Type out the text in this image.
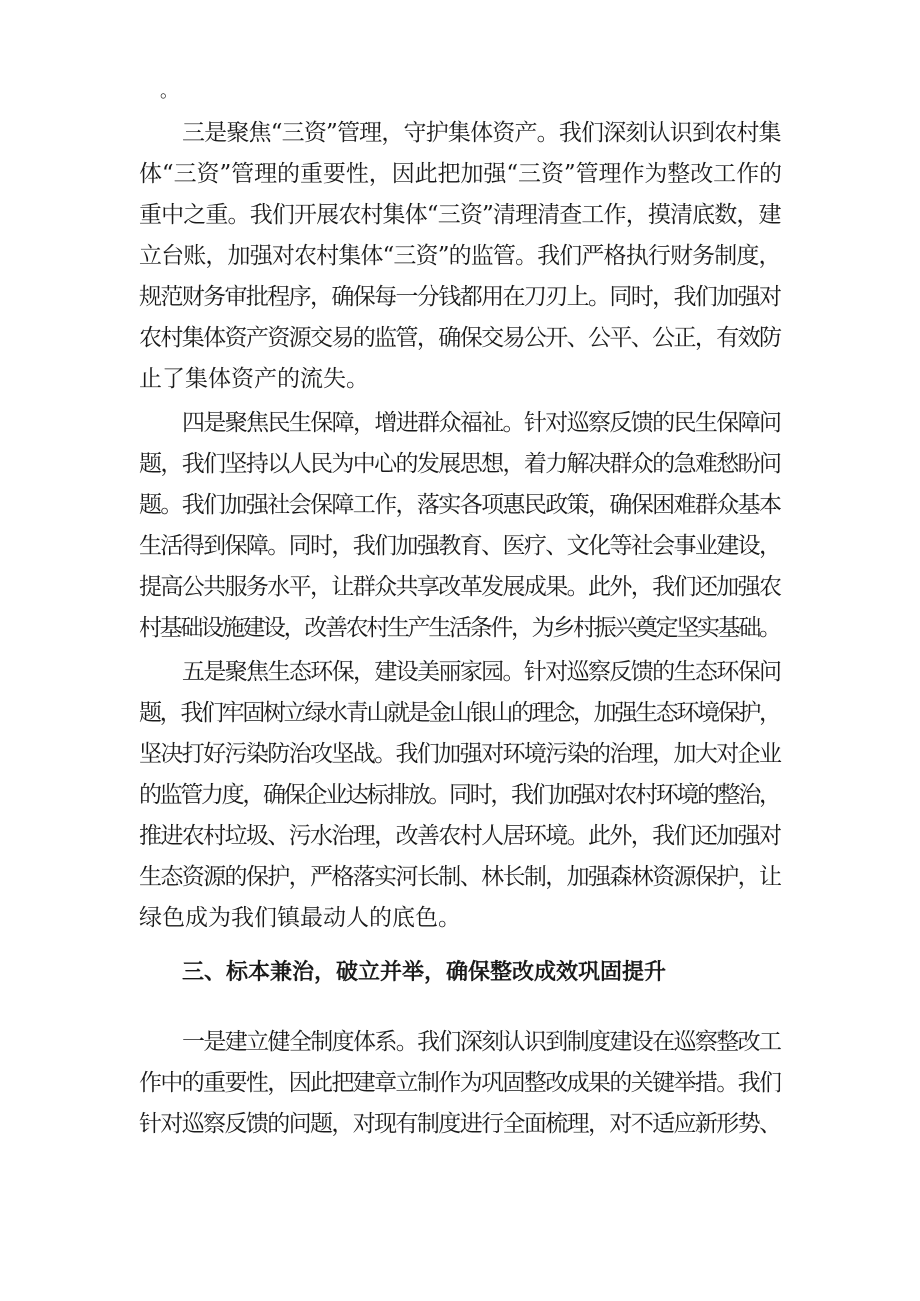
。
三是聚焦“三资”管理，守护集体资产。我们深刻认识到农村集
体“三资”管理的重要性，因此把加强“三资”管理作为整改工作的
重中之重。我们开展农村集体“三资”清理清查工作，摸清底数，建
立台账，加强对农村集体“三资”的监管。我们严格执行财务制度，
规范财务审批程序，确保每一分钱都用在刀刃上。同时，我们加强对
农村集体资产资源交易的监管，确保交易公开、公平、公正，有效防
止了集体资产的流失。
四是聚焦民生保障，增进群众福祉。针对巡察反馈的民生保障问
题，我们坚持以人民为中心的发展思想，着力解决群众的急难愁盼问
题。我们加强社会保障工作，落实各项惠民政策，确保困难群众基本
生活得到保障。同时，我们加强教育、医疗、文化等社会事业建设，
提高公共服务水平，让群众共享改革发展成果。此外，我们还加强农
村基础设施建设，改善农村生产生活条件，为乡村振兴奠定坚实基础。
五是聚焦生态环保，建设美丽家园。针对巡察反馈的生态环保问
题，我们牢固树立绿水青山就是金山银山的理念，加强生态环境保护，
坚决打好污染防治攻坚战。我们加强对环境污染的治理，加大对企业
的监管力度，确保企业达标排放。同时，我们加强对农村环境的整治，
推进农村垃圾、污水治理，改善农村人居环境。此外，我们还加强对
生态资源的保护，严格落实河长制、林长制，加强森林资源保护，让
绿色成为我们镇最动人的底色。
三、标本兼治，破立并举，确保整改成效巩固提升
一是建立健全制度体系。我们深刻认识到制度建设在巡察整改工
作中的重要性，因此把建章立制作为巩固整改成果的关键举措。我们
针对巡察反馈的问题，对现有制度进行全面梳理，对不适应新形势、
